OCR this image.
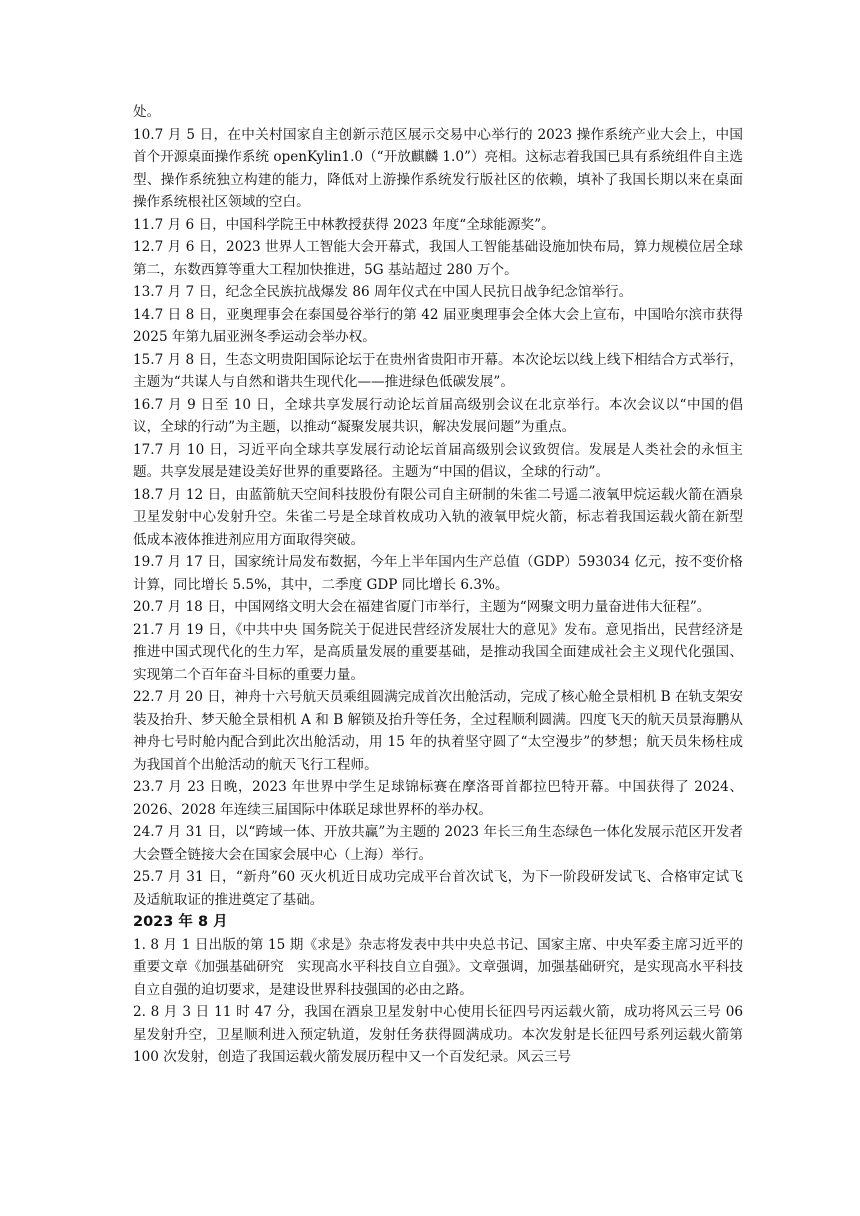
处。

10.7 月 5 日，在中关村国家自主创新示范区展示交易中心举行的 2023 操作系统产业大会上，中国首个开源桌面操作系统 openKylin1.0（“开放麒麟 1.0”）亮相。这标志着我国已具有系统组件自主选型、操作系统独立构建的能力，降低对上游操作系统发行版社区的依赖，填补了我国长期以来在桌面操作系统根社区领域的空白。

11.7 月 6 日，中国科学院王中林教授获得 2023 年度“全球能源奖”。

12.7 月 6 日，2023 世界人工智能大会开幕式，我国人工智能基础设施加快布局，算力规模位居全球第二，东数西算等重大工程加快推进，5G 基站超过 280 万个。

13.7 月 7 日，纪念全民族抗战爆发 86 周年仪式在中国人民抗日战争纪念馆举行。

14.7 日 8 日，亚奥理事会在泰国曼谷举行的第 42 届亚奥理事会全体大会上宣布，中国哈尔滨市获得 2025 年第九届亚洲冬季运动会举办权。

15.7 月 8 日，生态文明贵阳国际论坛于在贵州省贵阳市开幕。本次论坛以线上线下相结合方式举行，主题为“共谋人与自然和谐共生现代化——推进绿色低碳发展”。

16.7 月 9 日至 10 日，全球共享发展行动论坛首届高级别会议在北京举行。本次会议以“中国的倡议，全球的行动”为主题，以推动“凝聚发展共识，解决发展问题”为重点。

17.7 月 10 日，习近平向全球共享发展行动论坛首届高级别会议致贺信。发展是人类社会的永恒主题。共享发展是建设美好世界的重要路径。主题为“中国的倡议，全球的行动”。

18.7 月 12 日，由蓝箭航天空间科技股份有限公司自主研制的朱雀二号遥二液氧甲烷运载火箭在酒泉卫星发射中心发射升空。朱雀二号是全球首枚成功入轨的液氧甲烷火箭，标志着我国运载火箭在新型低成本液体推进剂应用方面取得突破。

19.7 月 17 日，国家统计局发布数据，今年上半年国内生产总值（GDP）593034 亿元，按不变价格计算，同比增长 5.5%，其中，二季度 GDP 同比增长 6.3%。

20.7 月 18 日，中国网络文明大会在福建省厦门市举行，主题为“网聚文明力量奋进伟大征程”。

21.7 月 19 日，《中共中央 国务院关于促进民营经济发展壮大的意见》发布。意见指出，民营经济是推进中国式现代化的生力军，是高质量发展的重要基础，是推动我国全面建成社会主义现代化强国、实现第二个百年奋斗目标的重要力量。

22.7 月 20 日，神舟十六号航天员乘组圆满完成首次出舱活动，完成了核心舱全景相机 B 在轨支架安装及抬升、梦天舱全景相机 A 和 B 解锁及抬升等任务，全过程顺利圆满。四度飞天的航天员景海鹏从神舟七号时舱内配合到此次出舱活动，用 15 年的执着坚守圆了“太空漫步”的梦想；航天员朱杨柱成为我国首个出舱活动的航天飞行工程师。

23.7 月 23 日晚，2023 年世界中学生足球锦标赛在摩洛哥首都拉巴特开幕。中国获得了 2024、2026、2028 年连续三届国际中体联足球世界杯的举办权。

24.7 月 31 日，以“跨域一体、开放共赢”为主题的 2023 年长三角生态绿色一体化发展示范区开发者大会暨全链接大会在国家会展中心（上海）举行。

25.7 月 31 日，“新舟”60 灭火机近日成功完成平台首次试飞，为下一阶段研发试飞、合格审定试飞及适航取证的推进奠定了基础。

2023 年 8 月

1. 8 月 1 日出版的第 15 期《求是》杂志将发表中共中央总书记、国家主席、中央军委主席习近平的重要文章《加强基础研究　实现高水平科技自立自强》。文章强调，加强基础研究，是实现高水平科技自立自强的迫切要求，是建设世界科技强国的必由之路。

2. 8 月 3 日 11 时 47 分，我国在酒泉卫星发射中心使用长征四号丙运载火箭，成功将风云三号 06 星发射升空，卫星顺利进入预定轨道，发射任务获得圆满成功。本次发射是长征四号系列运载火箭第 100 次发射，创造了我国运载火箭发展历程中又一个百发纪录。风云三号
